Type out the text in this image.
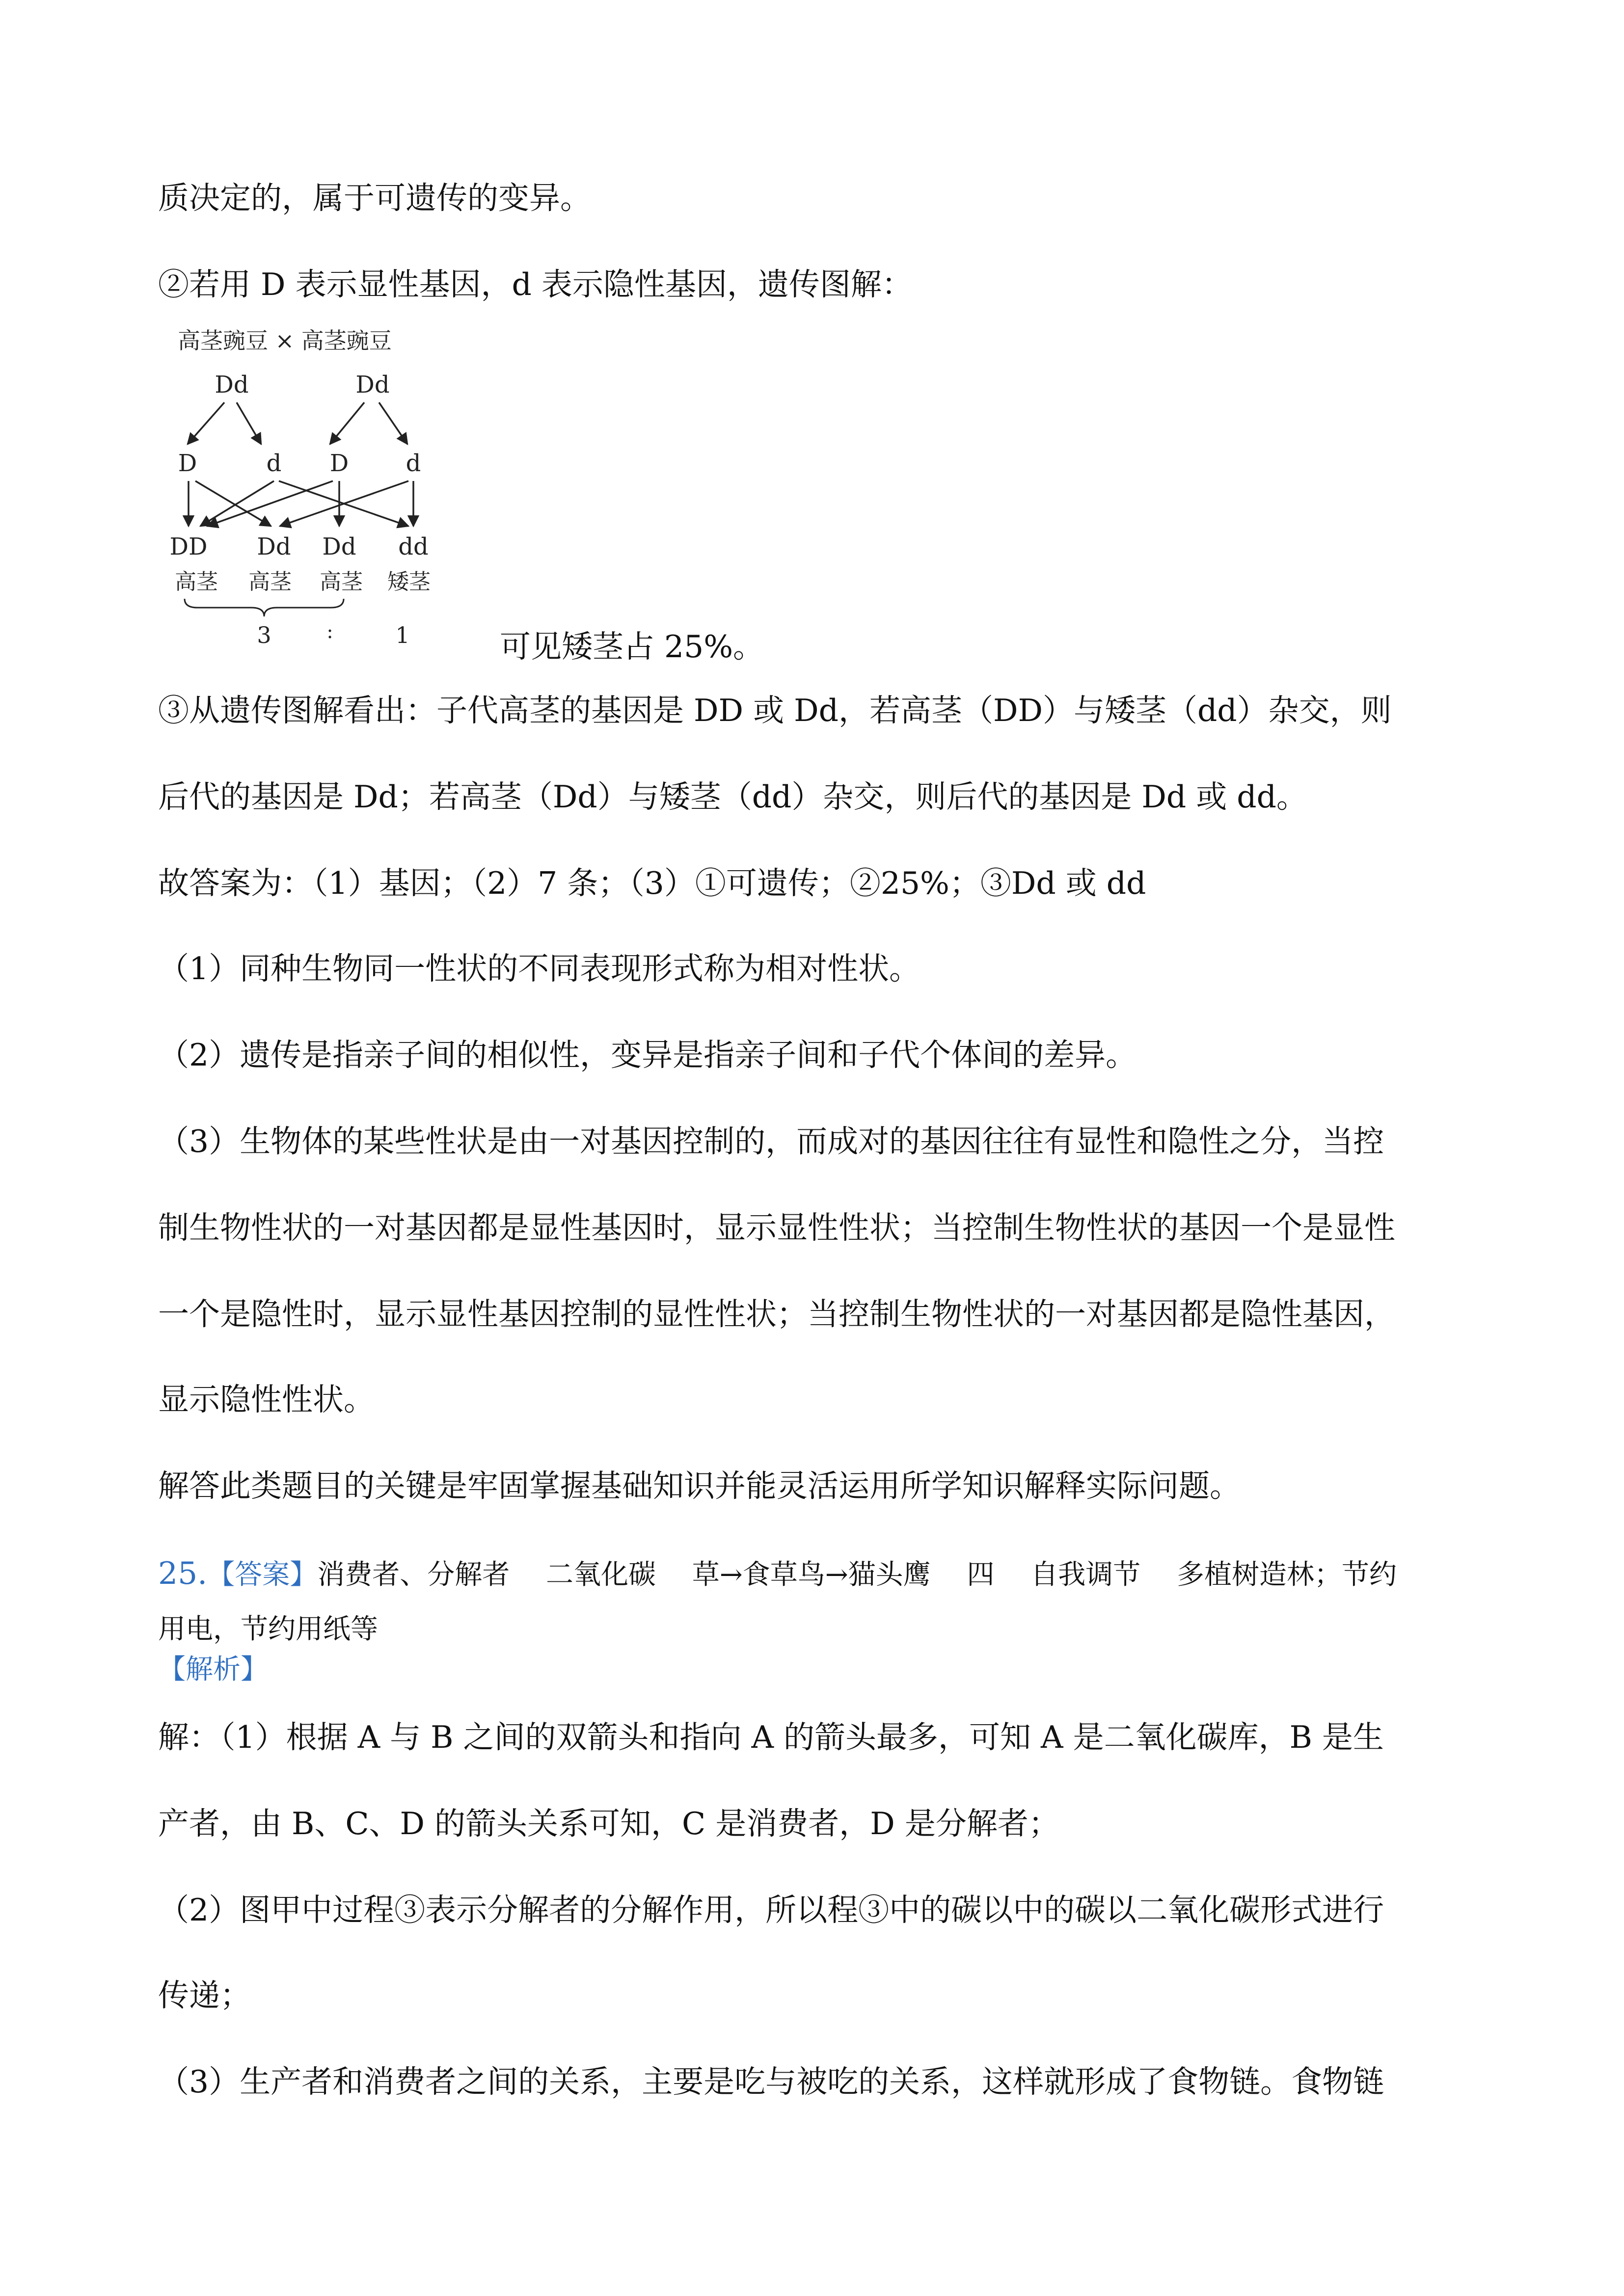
质决定的，属于可遗传的变异。
②若用 D 表示显性基因，d 表示隐性基因，遗传图解：
高茎豌豆 × 高茎豌豆
Dd	Dd
D	d D d
DD Dd Dd dd
高茎 高茎 高茎 矮茎
3	:	1	可见矮茎占 25%。
③从遗传图解看出：子代高茎的基因是 DD 或 Dd，若高茎（DD）与矮茎（dd）杂交，则
后代的基因是 Dd；若高茎（Dd）与矮茎（dd）杂交，则后代的基因是 Dd 或 dd。
故答案为：（1）基因；（2）7 条；（3）①可遗传；②25%；③Dd 或 dd
（1）同种生物同一性状的不同表现形式称为相对性状。
（2）遗传是指亲子间的相似性，变异是指亲子间和子代个体间的差异。
（3）生物体的某些性状是由一对基因控制的，而成对的基因往往有显性和隐性之分，当控
制生物性状的一对基因都是显性基因时，显示显性性状；当控制生物性状的基因一个是显性
一个是隐性时，显示显性基因控制的显性性状；当控制生物性状的一对基因都是隐性基因，
显示隐性性状。
解答此类题目的关键是牢固掌握基础知识并能灵活运用所学知识解释实际问题。
25.【答案】消费者、分解者　 二氧化碳　 草→食草鸟→猫头鹰　 四　 自我调节　 多植树造林；节约
用电，节约用纸等
【解析】
解：（1）根据 A 与 B 之间的双箭头和指向 A 的箭头最多，可知 A 是二氧化碳库，B 是生
产者，由 B、C、D 的箭头关系可知，C 是消费者，D 是分解者；
（2）图甲中过程③表示分解者的分解作用，所以程③中的碳以中的碳以二氧化碳形式进行
传递；
（3）生产者和消费者之间的关系，主要是吃与被吃的关系，这样就形成了食物链。食物链
